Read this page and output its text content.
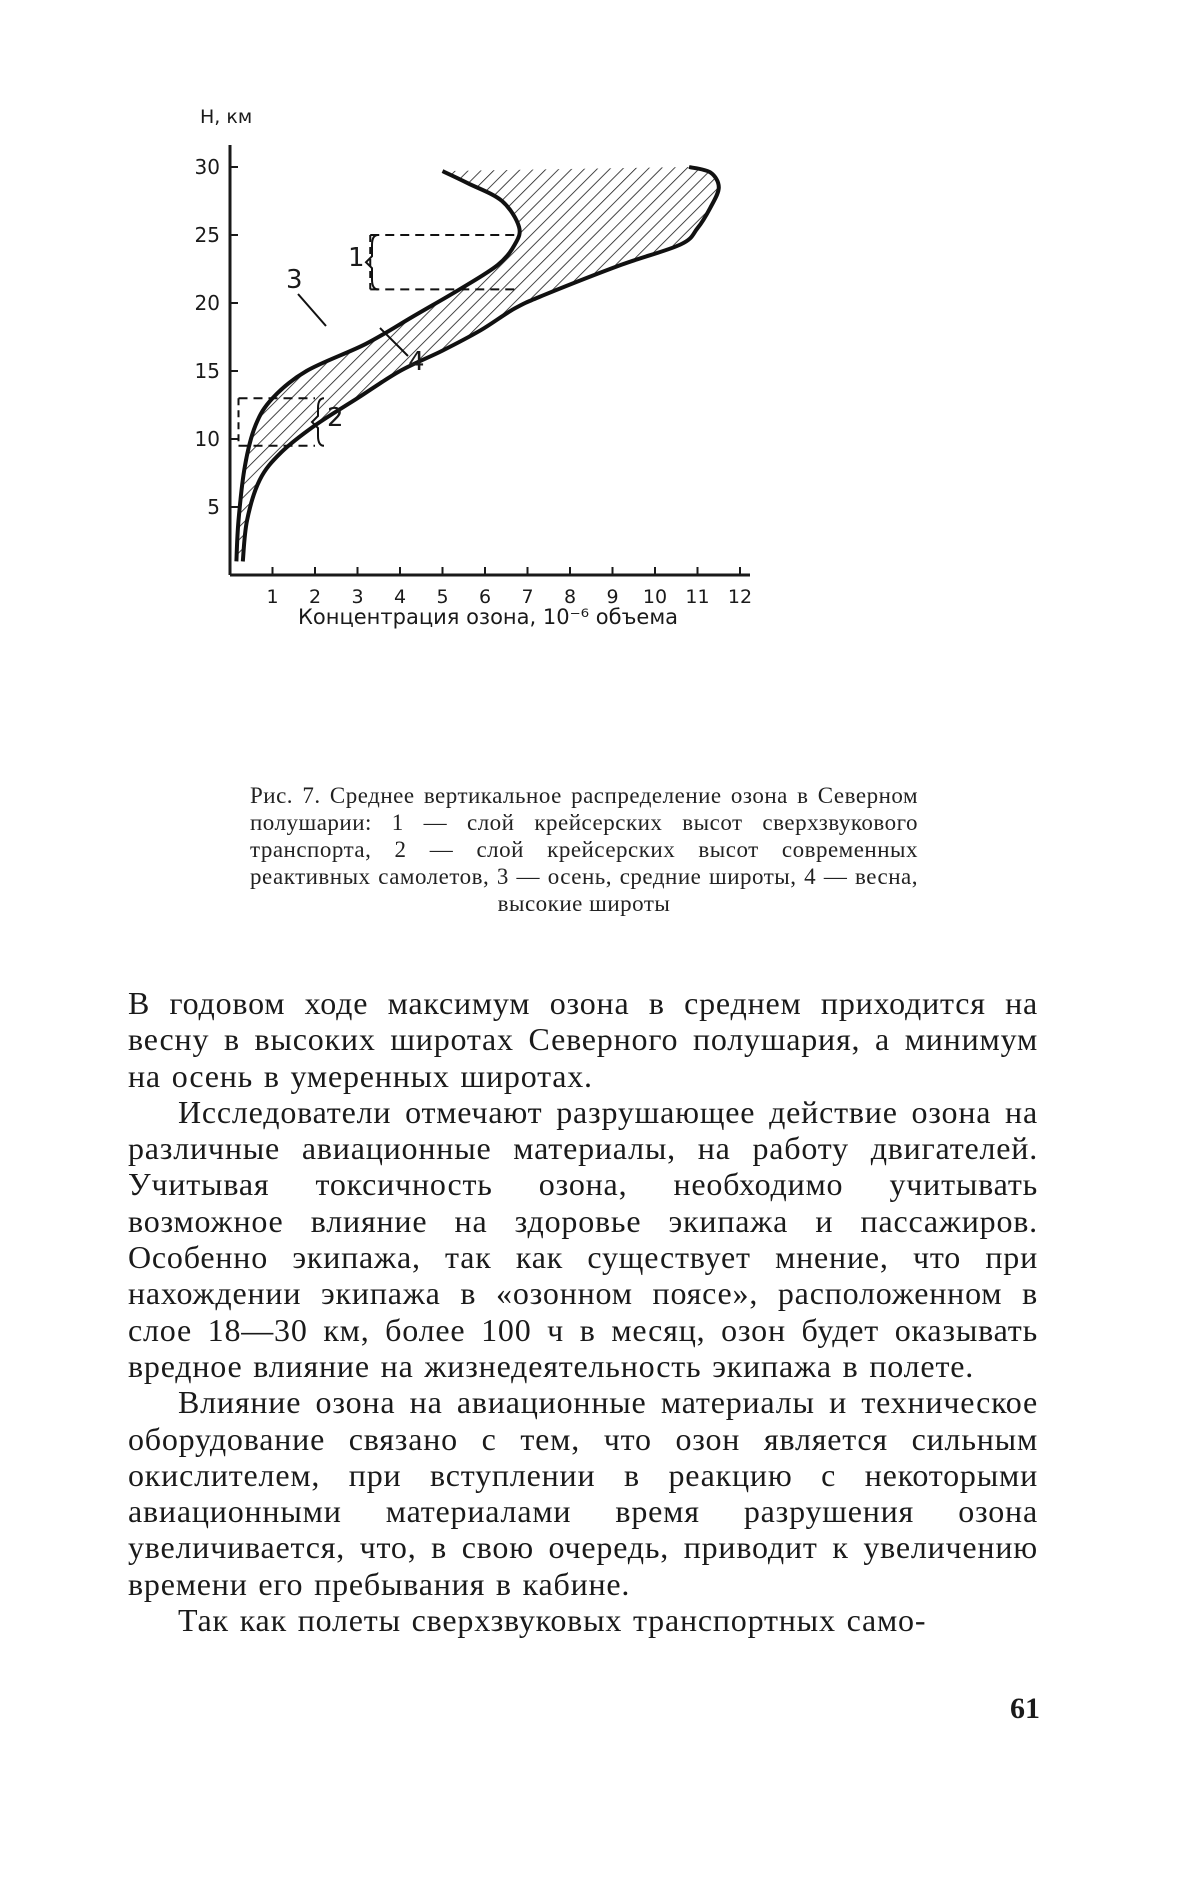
5
10
15
20
25
30
1 2 3 4 5 6 7 8 9 10 11 12
H, км
Концентрация озона, 10⁻⁶ объема
1
2
3
4
Рис. 7. Среднее вертикальное распределение озона в Северном полушарии: 1 — слой крейсерских высот сверхзвукового транспорта, 2 — слой крейсерских высот современных реактивных самолетов, 3 — осень, средние широты, 4 — весна, высокие широты

В годовом ходе максимум озона в среднем приходится на весну в высоких широтах Северного полушария, а минимум на осень в умеренных широтах.

Исследователи отмечают разрушающее действие озона на различные авиационные материалы, на работу двигателей. Учитывая токсичность озона, необходимо учитывать возможное влияние на здоровье экипажа и пассажиров. Особенно экипажа, так как существует мнение, что при нахождении экипажа в «озонном поясе», расположенном в слое 18—30 км, более 100 ч в месяц, озон будет оказывать вредное влияние на жизнедеятельность экипажа в полете.

Влияние озона на авиационные материалы и техническое оборудование связано с тем, что озон является сильным окислителем, при вступлении в реакцию с некоторыми авиационными материалами время разрушения озона увеличивается, что, в свою очередь, приводит к увеличению времени его пребывания в кабине.

Так как полеты сверхзвуковых транспортных само-

61
